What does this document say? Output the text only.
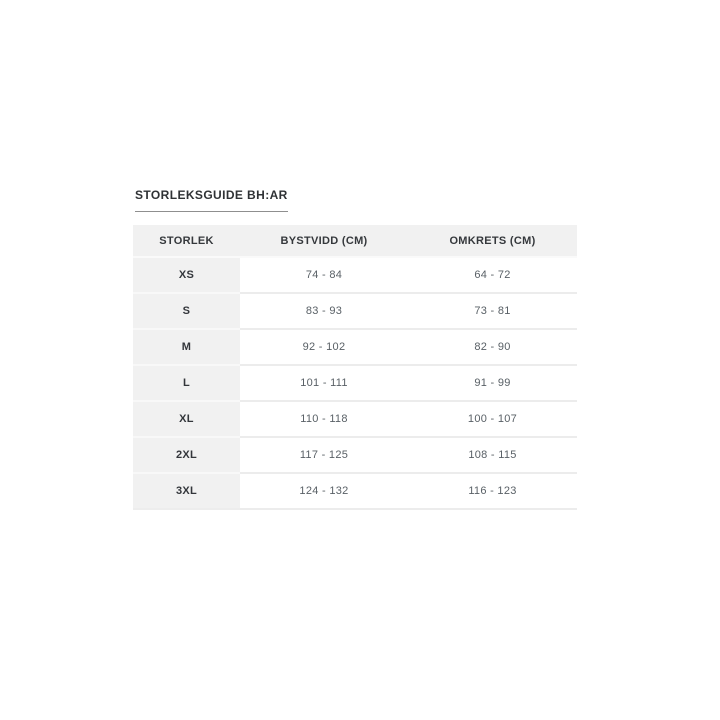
STORLEKSGUIDE BH:AR
STORLEK	BYSTVIDD (CM)	OMKRETS (CM)
XS	74 - 84	64 - 72
S	83 - 93	73 - 81
M	92 - 102	82 - 90
L	101 - 111	91 - 99
XL	110 - 118	100 - 107
2XL	117 - 125	108 - 115
3XL	124 - 132	116 - 123
